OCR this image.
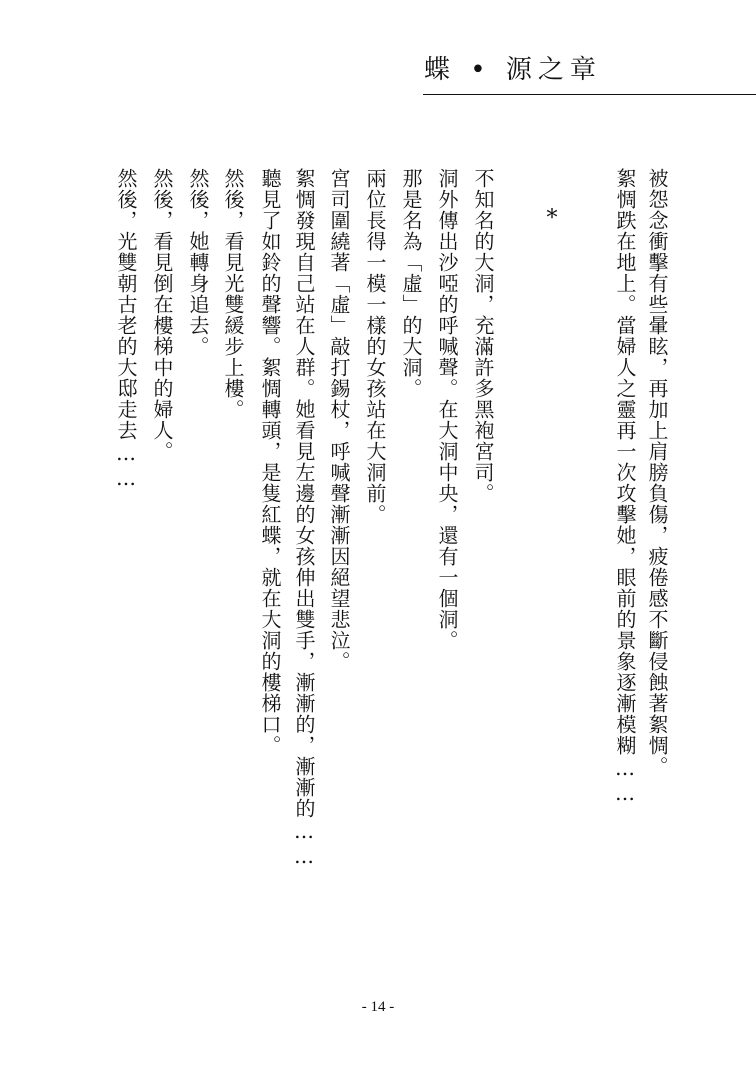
蝶 • 源之章
被怨念衝擊有些暈眩，再加上肩膀負傷，疲倦感不斷侵蝕著絮惆。
絮惆跌在地上。當婦人之靈再一次攻擊她，眼前的景象逐漸模糊……
*
不知名的大洞，充滿許多黑袍宮司。
洞外傳出沙啞的呼喊聲。在大洞中央，還有一個洞。
那是名為「虛」的大洞。
兩位長得一模一樣的女孩站在大洞前。
宮司圍繞著「虛」敲打錫杖，呼喊聲漸漸因絕望悲泣。
絮惆發現自己站在人群。她看見左邊的女孩伸出雙手，漸漸的，漸漸的……
聽見了如鈴的聲響。絮惆轉頭，是隻紅蝶，就在大洞的樓梯口。
然後，看見光雙緩步上樓。
然後，她轉身追去。
然後，看見倒在樓梯中的婦人。
然後，光雙朝古老的大邸走去……
- 14 -
